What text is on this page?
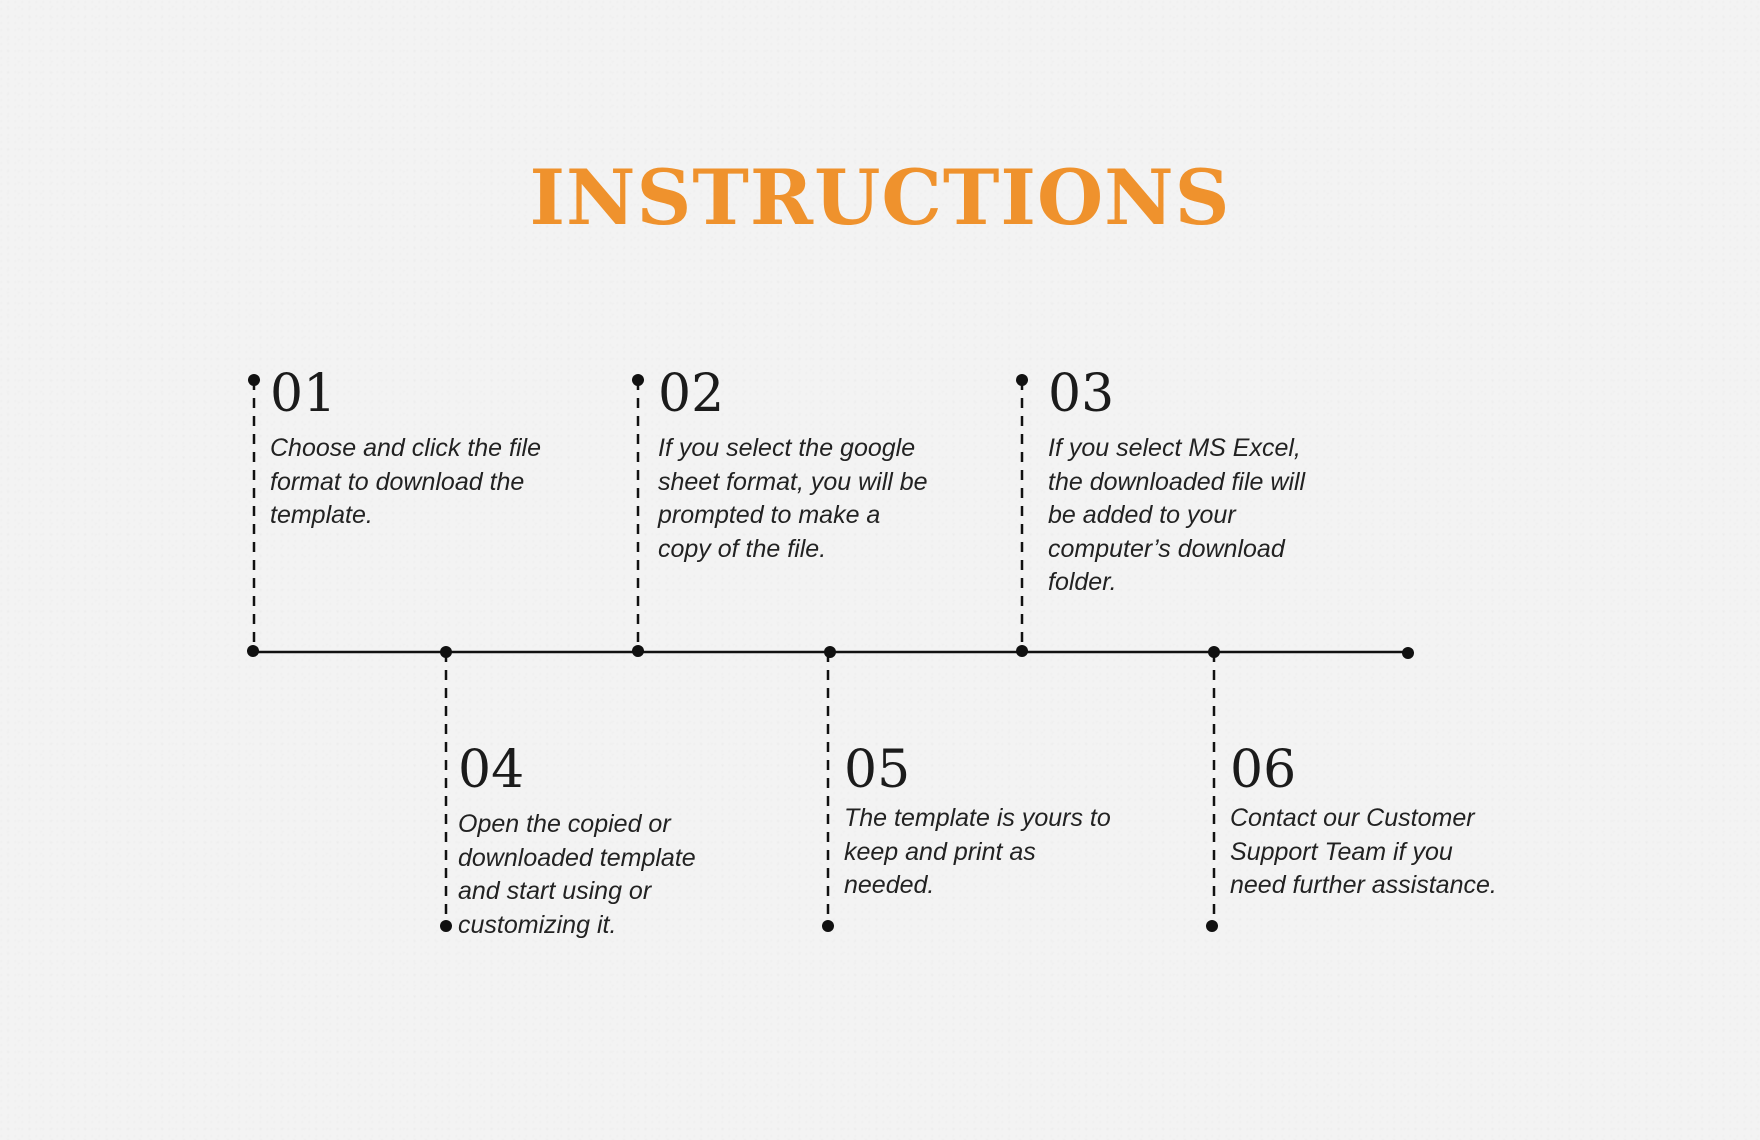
INSTRUCTIONS
01
Choose and click the file format to download the template.
02
If you select the google sheet format, you will be prompted to make a copy of the file.
03
If you select MS Excel, the downloaded file will be added to your computer’s download folder.
04
Open the copied or downloaded template and start using or customizing it.
05
The template is yours to keep and print as needed.
06
Contact our Customer Support Team if you need further assistance.
